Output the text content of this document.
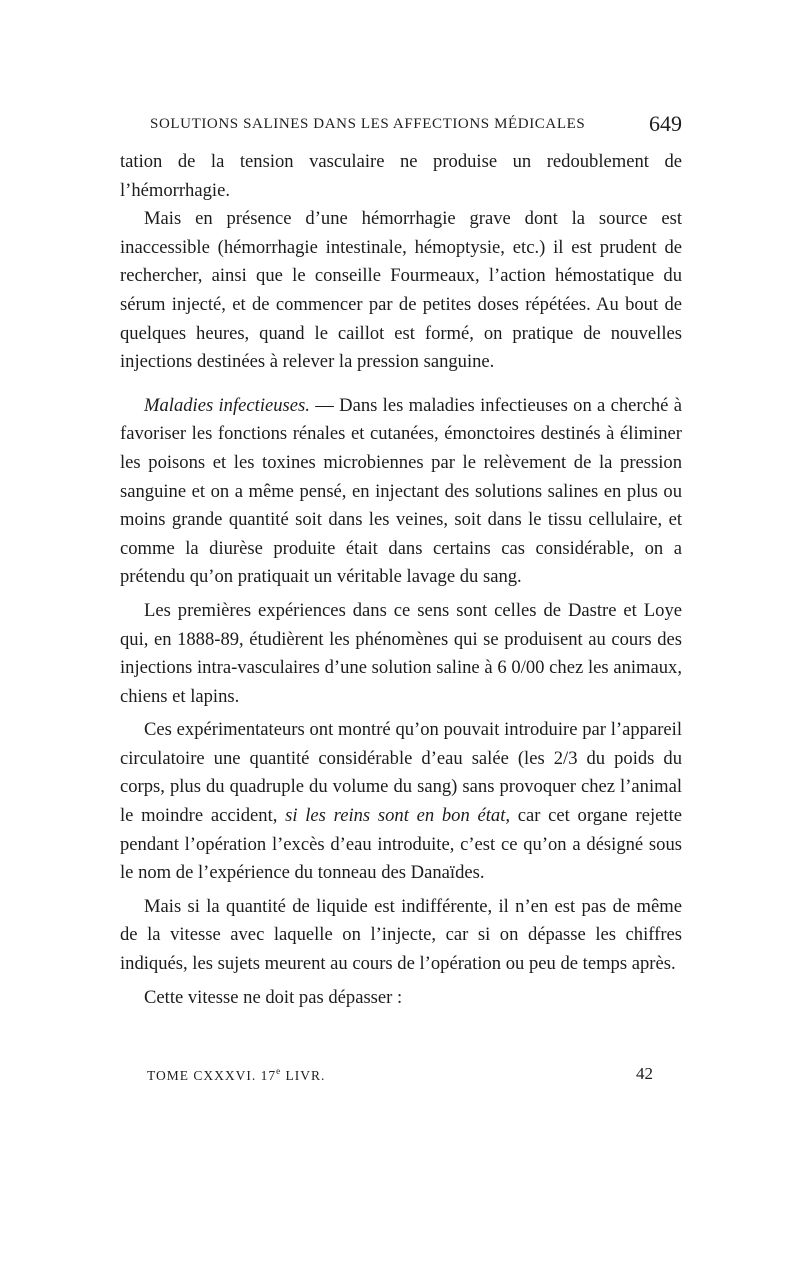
SOLUTIONS SALINES DANS LES AFFECTIONS MÉDICALES	649

tation de la tension vasculaire ne produise un redoublement de l’hémorrhagie.

Mais en présence d’une hémorrhagie grave dont la source est inaccessible (hémorrhagie intestinale, hémoptysie, etc.) il est prudent de rechercher, ainsi que le conseille Fourmeaux, l’action hémostatique du sérum injecté, et de commencer par de petites doses répétées. Au bout de quelques heures, quand le caillot est formé, on pratique de nouvelles injections destinées à relever la pression sanguine.

Maladies infectieuses. — Dans les maladies infectieuses on a cherché à favoriser les fonctions rénales et cutanées, émonctoires destinés à éliminer les poisons et les toxines microbiennes par le relèvement de la pression sanguine et on a même pensé, en injectant des solutions salines en plus ou moins grande quantité soit dans les veines, soit dans le tissu cellulaire, et comme la diurèse produite était dans certains cas considérable, on a prétendu qu’on pratiquait un véritable lavage du sang.

Les premières expériences dans ce sens sont celles de Dastre et Loye qui, en 1888-89, étudièrent les phénomènes qui se produisent au cours des injections intra-vasculaires d’une solution saline à 6 0/00 chez les animaux, chiens et lapins.

Ces expérimentateurs ont montré qu’on pouvait introduire par l’appareil circulatoire une quantité considérable d’eau salée (les 2/3 du poids du corps, plus du quadruple du volume du sang) sans provoquer chez l’animal le moindre accident, si les reins sont en bon état, car cet organe rejette pendant l’opération l’excès d’eau introduite, c’est ce qu’on a désigné sous le nom de l’expérience du tonneau des Danaïdes.

Mais si la quantité de liquide est indifférente, il n’en est pas de même de la vitesse avec laquelle on l’injecte, car si on dépasse les chiffres indiqués, les sujets meurent au cours de l’opération ou peu de temps après.

Cette vitesse ne doit pas dépasser :

TOME CXXXVI. 17e LIVR.	42
